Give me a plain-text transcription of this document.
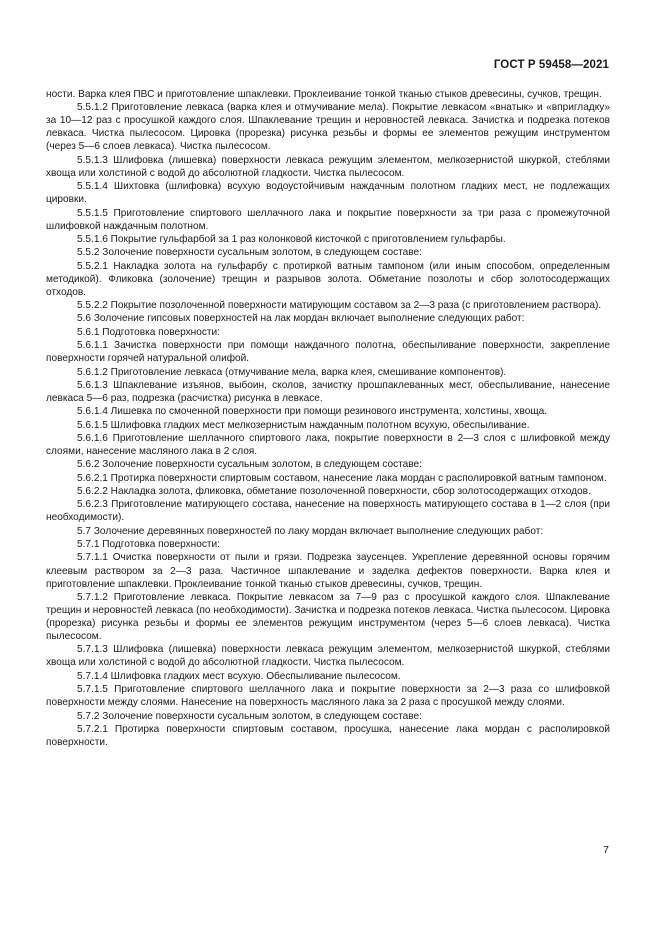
ГОСТ Р 59458—2021

ности. Варка клея ПВС и приготовление шпаклевки. Проклеивание тонкой тканью стыков древесины, сучков, трещин.

5.5.1.2 Приготовление левкаса (варка клея и отмучивание мела). Покрытие левкасом «внатык» и «впригладку» за 10—12 раз с просушкой каждого слоя. Шпаклевание трещин и неровностей левкаса. Зачистка и подрезка потеков левкаса. Чистка пылесосом. Цировка (прорезка) рисунка резьбы и формы ее элементов режущим инструментом (через 5—6 слоев левкаса). Чистка пылесосом.

5.5.1.3 Шлифовка (лишевка) поверхности левкаса режущим элементом, мелкозернистой шкуркой, стеблями хвоща или холстиной с водой до абсолютной гладкости. Чистка пылесосом.

5.5.1.4 Шихтовка (шлифовка) всухую водоустойчивым наждачным полотном гладких мест, не подлежащих цировки.

5.5.1.5 Приготовление спиртового шеллачного лака и покрытие поверхности за три раза с промежуточной шлифовкой наждачным полотном.

5.5.1.6 Покрытие гульфарбой за 1 раз колонковой кисточкой с приготовлением гульфарбы.

5.5.2 Золочение поверхности сусальным золотом, в следующем составе:

5.5.2.1 Накладка золота на гульфарбу с протиркой ватным тампоном (или иным способом, определенным методикой). Фликовка (золочение) трещин и разрывов золота. Обметание позолоты и сбор золотосодержащих отходов.

5.5.2.2 Покрытие позолоченной поверхности матирующим составом за 2—3 раза (с приготовлением раствора).

5.6 Золочение гипсовых поверхностей на лак мордан включает выполнение следующих работ:

5.6.1 Подготовка поверхности:

5.6.1.1 Зачистка поверхности при помощи наждачного полотна, обеспыливание поверхности, закрепление поверхности горячей натуральной олифой.

5.6.1.2 Приготовление левкаса (отмучивание мела, варка клея, смешивание компонентов).

5.6.1.3 Шпаклевание изъянов, выбоин, сколов, зачистку прошпаклеванных мест, обеспыливание, нанесение левкаса 5—6 раз, подрезка (расчистка) рисунка в левкасе.

5.6.1.4 Лишевка по смоченной поверхности при помощи резинового инструмента, холстины, хвоща.

5.6.1.5 Шлифовка гладких мест мелкозернистым наждачным полотном всухую, обеспыливание.

5.6.1.6 Приготовление шеллачного спиртового лака, покрытие поверхности в 2—3 слоя с шлифовкой между слоями, нанесение масляного лака в 2 слоя.

5.6.2 Золочение поверхности сусальным золотом, в следующем составе:

5.6.2.1 Протирка поверхности спиртовым составом, нанесение лака мордан с располировкой ватным тампоном.

5.6.2.2 Накладка золота, фликовка, обметание позолоченной поверхности, сбор золотосодержащих отходов.

5.6.2.3 Приготовление матирующего состава, нанесение на поверхность матирующего состава в 1—2 слоя (при необходимости).

5.7 Золочение деревянных поверхностей по лаку мордан включает выполнение следующих работ:

5.7.1 Подготовка поверхности:

5.7.1.1 Очистка поверхности от пыли и грязи. Подрезка заусенцев. Укрепление деревянной основы горячим клеевым раствором за 2—3 раза. Частичное шпаклевание и заделка дефектов поверхности. Варка клея и приготовление шпаклевки. Проклеивание тонкой тканью стыков древесины, сучков, трещин.

5.7.1.2 Приготовление левкаса. Покрытие левкасом за 7—9 раз с просушкой каждого слоя. Шпаклевание трещин и неровностей левкаса (по необходимости). Зачистка и подрезка потеков левкаса. Чистка пылесосом. Цировка (прорезка) рисунка резьбы и формы ее элементов режущим инструментом (через 5—6 слоев левкаса). Чистка пылесосом.

5.7.1.3 Шлифовка (лишевка) поверхности левкаса режущим элементом, мелкозернистой шкуркой, стеблями хвоща или холстиной с водой до абсолютной гладкости. Чистка пылесосом.

5.7.1.4 Шлифовка гладких мест всухую. Обеспыливание пылесосом.

5.7.1.5 Приготовление спиртового шеллачного лака и покрытие поверхности за 2—3 раза со шлифовкой поверхности между слоями. Нанесение на поверхность масляного лака за 2 раза с просушкой между слоями.

5.7.2 Золочение поверхности сусальным золотом, в следующем составе:

5.7.2.1 Протирка поверхности спиртовым составом, просушка, нанесение лака мордан с располировкой поверхности.

7
